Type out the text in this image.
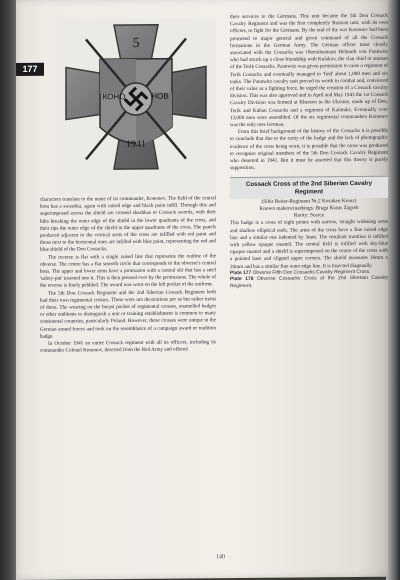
177
5
КОНО	НОВ
1941

characters translate to the name of its commander, Kononov. The field of the central boss has a swastika, again with raised edge and black paint infill. Through this and superimposed across the shield are crossed shashkas or Cossack swords, with their hilts breaking the outer edge of the shield in the lower quadrants of the cross, and their tips the outer edge of the shield in the upper quadrants of the cross. The panels produced adjacent to the vertical arms of the cross are infilled with red paint and those next to the horizontal ones are infilled with blue paint, representing the red and blue shield of the Don Cossacks.

The reverse is flat with a single raised line that represents the outline of the obverse. The centre has a flat smooth circle that corresponds to the obverse's central boss. The upper and lower arms have a protrusion with a central slit that has a steel 'safety-pin' inserted into it. This is then pressed over by the protrusions. The whole of the reverse is finely pebbled. The award was worn on the left pocket of the uniform.

The 5th Don Cossack Regiment and the 2nd Siberian Cossack Regiment both had their own regimental crosses. These were not decorations per se but rather items of dress. The wearing on the breast pocket of regimental crosses, enamelled badges or other emblems to distinguish a unit or training establishment is common to many continental countries, particularly Poland. However, these crosses were unique in the German armed forces and took on the resemblance of a campaign award or tradition badge.

In October 1941 an entire Cossack regiment with all its officers, including its commander Colonel Kononov, deserted from the Red Army and offered

their services to the Germans. This unit became the 5th Don Cossack Cavalry Regiment and was the first completely Russian unit, with its own officers, to fight for the Germans. By the end of the war Kononov had been promoted to major general and given command of all the Cossack formations in the German Army. The German officer most closely associated with the Cossacks was Oberstleutnant Helmuth von Pannwitz who had struck up a close friendship with Kulakov, the clan chief or ataman of the Terik Cossacks. Pannwitz was given permission to raise a regiment of Terik Cossacks and eventually managed to 'find' about 1,000 men and six tanks. The Pannwitz cavalry unit proved its worth in combat and, convinced of their value as a fighting force, he urged the creation of a Cossack cavalry division. This was also approved and in April and May 1943 the 1st Cossack Cavalry Division was formed at Kherson in the Ukraine, made up of Don, Terik and Kuban Cossacks and a regiment of Kalmuks. Eventually over 12,000 men were assembled. Of the six regimental commanders Kononov was the only non-German.

From this brief background of the history of the Cossacks it is possible to conclude that due to the rarity of the badge and the lack of photographic evidence of the cross being worn, it is possible that the cross was produced to recognise original members of the 5th Don Cossack Cavalry Regiment who deserted in 1941. But it must be asserted that this theory is purely supposition.

Cossack Cross of the 2nd Siberian Cavalry Regiment
(Sibir Reiter-Regiment Nr.2 Kosaken Kreuz)
Known makers/markings: Braga Kraus Zagreb
Rarity: Scarce

This badge is a cross of eight points with narrow, straight widening arms and shallow elliptical ends. The arms of the cross have a fine raised edge line and a similar one indented by 3mm. The resultant tramline is infilled with yellow opaque enamel. The central field is infilled with sky-blue opaque enamel and a shield is superimposed on the centre of the cross with a pointed base and clipped upper corners. The shield measures 18mm x 20mm and has a similar fine outer edge line. It is bisected diagonally

Plate 177 Obverse Fifth Don Cossacks Cavalry Regiment Cross.

Plate 178 Obverse Cossacks Cross of the 2nd Siberian Cavalry Regiment.

140
